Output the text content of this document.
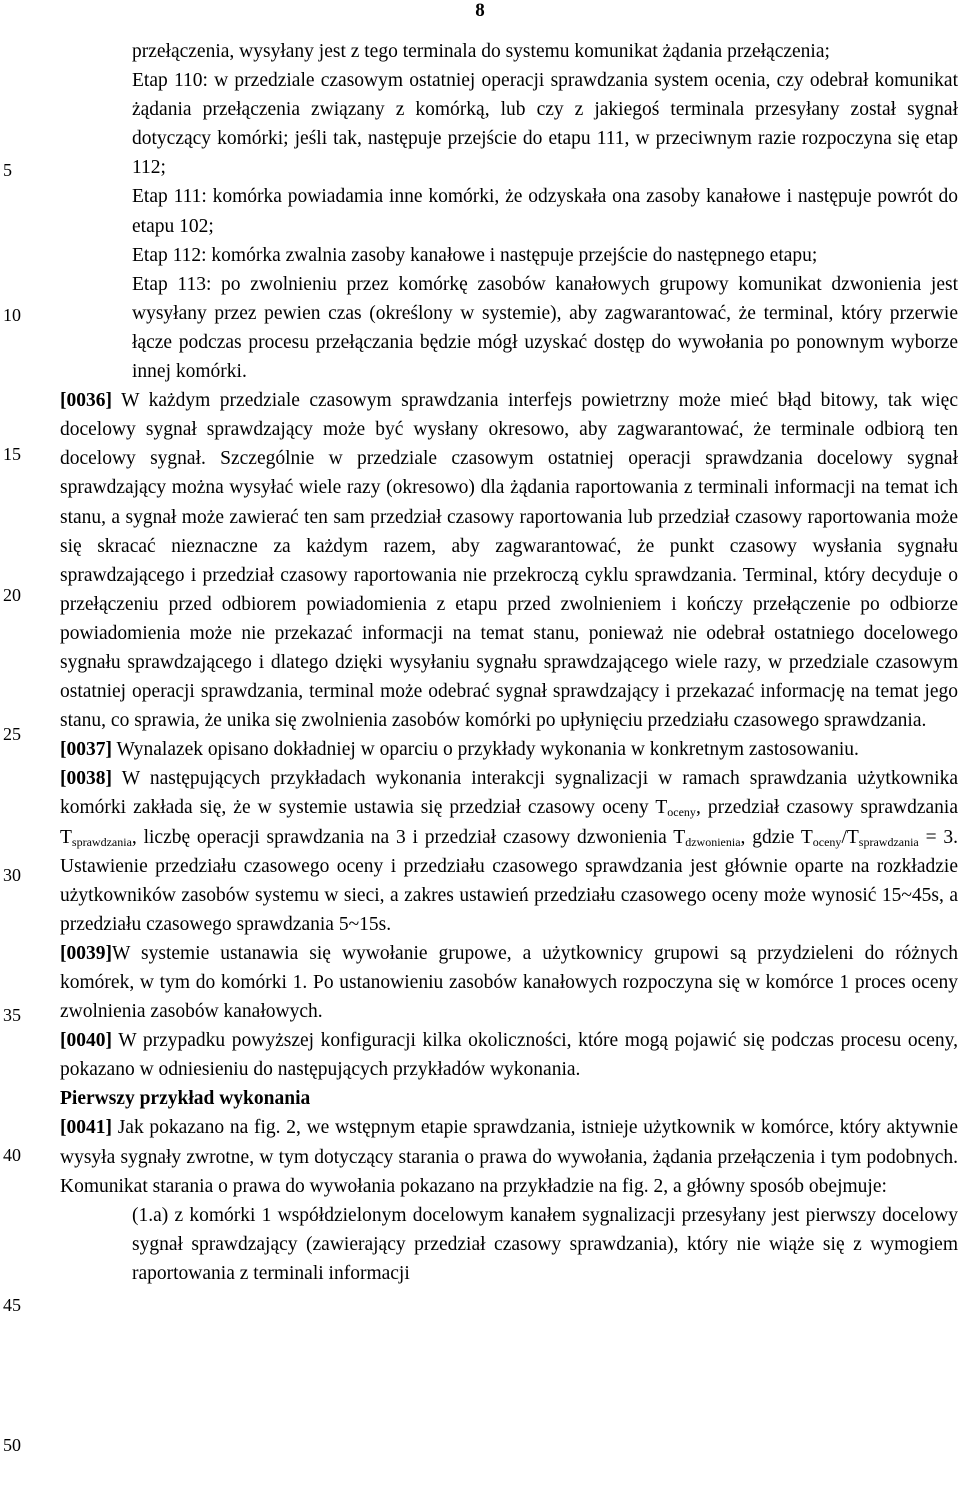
8
5
10
15
20
25
30
35
40
45
50

przełączenia, wysyłany jest z tego terminala do systemu komunikat żądania przełączenia;

Etap 110: w przedziale czasowym ostatniej operacji sprawdzania system ocenia, czy odebrał komunikat żądania przełączenia związany z komórką, lub czy z jakiegoś terminala przesyłany został sygnał dotyczący komórki; jeśli tak, następuje przejście do etapu 111, w przeciwnym razie rozpoczyna się etap 112;

Etap 111: komórka powiadamia inne komórki, że odzyskała ona zasoby kanałowe i następuje powrót do etapu 102;

Etap 112: komórka zwalnia zasoby kanałowe i następuje przejście do następnego etapu;

Etap 113: po zwolnieniu przez komórkę zasobów kanałowych grupowy komunikat dzwonienia jest wysyłany przez pewien czas (określony w systemie), aby zagwarantować, że terminal, który przerwie łącze podczas procesu przełączania będzie mógł uzyskać dostęp do wywołania po ponownym wyborze innej komórki.

[0036] W każdym przedziale czasowym sprawdzania interfejs powietrzny może mieć błąd bitowy, tak więc docelowy sygnał sprawdzający może być wysłany okresowo, aby zagwarantować, że terminale odbiorą ten docelowy sygnał. Szczególnie w przedziale czasowym ostatniej operacji sprawdzania docelowy sygnał sprawdzający można wysyłać wiele razy (okresowo) dla żądania raportowania z terminali informacji na temat ich stanu, a sygnał może zawierać ten sam przedział czasowy raportowania lub przedział czasowy raportowania może się skracać nieznaczne za każdym razem, aby zagwarantować, że punkt czasowy wysłania sygnału sprawdzającego i przedział czasowy raportowania nie przekroczą cyklu sprawdzania. Terminal, który decyduje o przełączeniu przed odbiorem powiadomienia z etapu przed zwolnieniem i kończy przełączenie po odbiorze powiadomienia może nie przekazać informacji na temat stanu, ponieważ nie odebrał ostatniego docelowego sygnału sprawdzającego i dlatego dzięki wysyłaniu sygnału sprawdzającego wiele razy, w przedziale czasowym ostatniej operacji sprawdzania, terminal może odebrać sygnał sprawdzający i przekazać informację na temat jego stanu, co sprawia, że unika się zwolnienia zasobów komórki po upłynięciu przedziału czasowego sprawdzania.

[0037] Wynalazek opisano dokładniej w oparciu o przykłady wykonania w konkretnym zastosowaniu.

[0038] W następujących przykładach wykonania interakcji sygnalizacji w ramach sprawdzania użytkownika komórki zakłada się, że w systemie ustawia się przedział czasowy oceny $T_{oceny}$, przedział czasowy sprawdzania $T_{sprawdzania}$, liczbę operacji sprawdzania na 3 i przedział czasowy dzwonienia $T_{dzwonienia}$, gdzie $T_{oceny}/T_{sprawdzania} = 3$. Ustawienie przedziału czasowego oceny i przedziału czasowego sprawdzania jest głównie oparte na rozkładzie użytkowników zasobów systemu w sieci, a zakres ustawień przedziału czasowego oceny może wynosić 15~45s, a przedziału czasowego sprawdzania 5~15s.

[0039]W systemie ustanawia się wywołanie grupowe, a użytkownicy grupowi są przydzieleni do różnych komórek, w tym do komórki 1. Po ustanowieniu zasobów kanałowych rozpoczyna się w komórce 1 proces oceny zwolnienia zasobów kanałowych.

[0040] W przypadku powyższej konfiguracji kilka okoliczności, które mogą pojawić się podczas procesu oceny, pokazano w odniesieniu do następujących przykładów wykonania.

Pierwszy przykład wykonania

[0041] Jak pokazano na fig. 2, we wstępnym etapie sprawdzania, istnieje użytkownik w komórce, który aktywnie wysyła sygnały zwrotne, w tym dotyczący starania o prawa do wywołania, żądania przełączenia i tym podobnych. Komunikat starania o prawa do wywołania pokazano na przykładzie na fig. 2, a główny sposób obejmuje:

(1.a) z komórki 1 współdzielonym docelowym kanałem sygnalizacji przesyłany jest pierwszy docelowy sygnał sprawdzający (zawierający przedział czasowy sprawdzania), który nie wiąże się z wymogiem raportowania z terminali informacji
